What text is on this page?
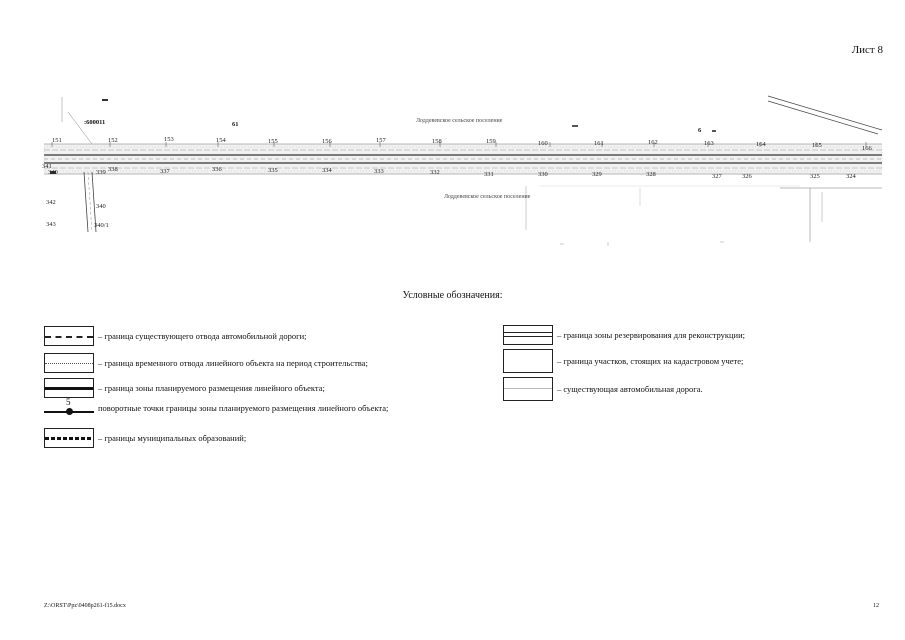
Лист 8
Лоддевевское сельское поселение
Лоддевевское сельское поселение
:600011	61
6
151	152	153	154	155	156	157	158	159	160	161	162	163	164	165	166
339 338	337	336	335	334	333	332	331	330	329	328	327	326	325	324
341
340
342
340
343	340/1
Условные обозначения:
– граница существующего отвода автомобильной дороги;
– граница временного отвода линейного объекта на период строительства;
– граница зоны планируемого размещения линейного объекта;
5
поворотные точки границы зоны планируемого размещения линейного объекта;
– границы муниципальных образований;
– граница зоны резервирования для реконструкции;
– граница участков, стоящих на кадастровом учете;
– существующая автомобильная дорога.
Z:\ORST\Ppz\0408p261-f15.docx	12
